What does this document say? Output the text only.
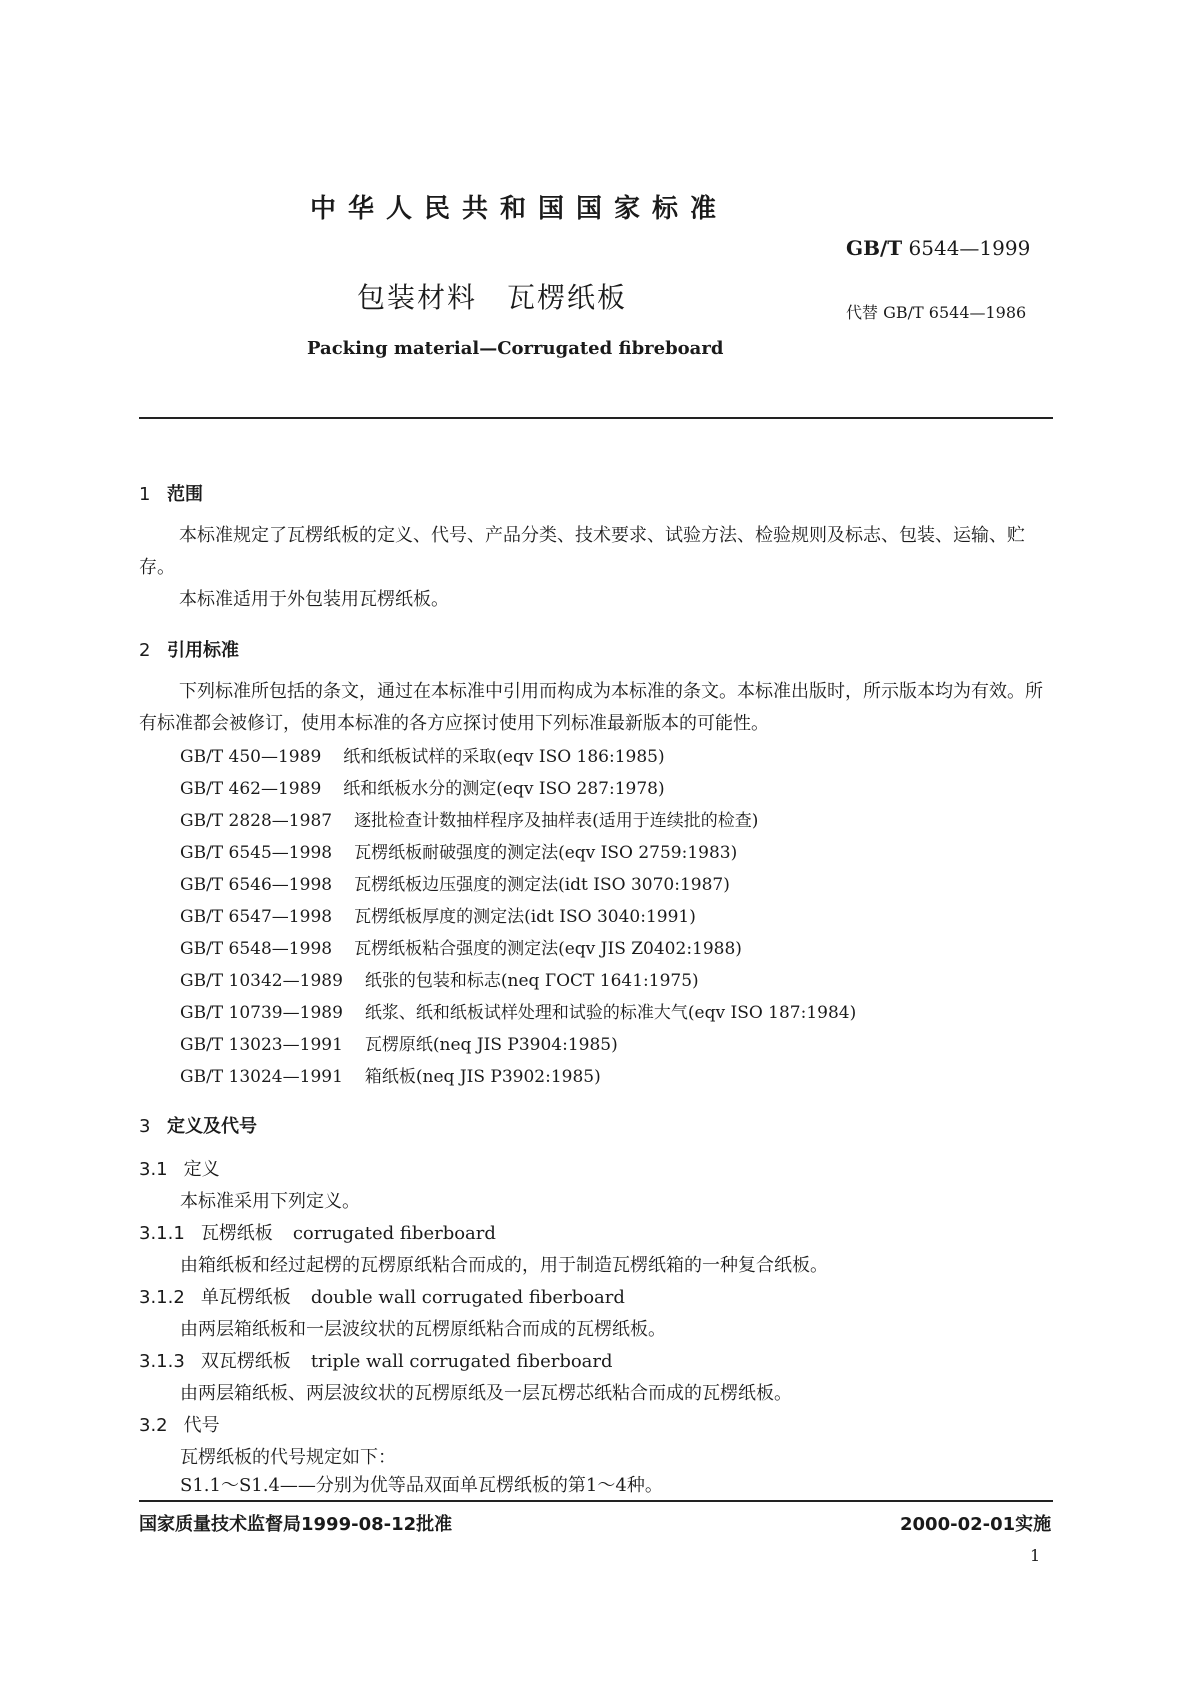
中华人民共和国国家标准
GB/T 6544—1999
包装材料　瓦楞纸板	代替 GB/T 6544—1986
Packing material—Corrugated fibreboard
1 范围
本标准规定了瓦楞纸板的定义、代号、产品分类、技术要求、试验方法、检验规则及标志、包装、运输、贮存。
本标准适用于外包装用瓦楞纸板。
2 引用标准
下列标准所包括的条文，通过在本标准中引用而构成为本标准的条文。本标准出版时，所示版本均为有效。所有标准都会被修订，使用本标准的各方应探讨使用下列标准最新版本的可能性。
GB/T 450—1989 纸和纸板试样的采取(eqv ISO 186:1985)
GB/T 462—1989 纸和纸板水分的测定(eqv ISO 287:1978)
GB/T 2828—1987 逐批检查计数抽样程序及抽样表(适用于连续批的检查)
GB/T 6545—1998 瓦楞纸板耐破强度的测定法(eqv ISO 2759:1983)
GB/T 6546—1998 瓦楞纸板边压强度的测定法(idt ISO 3070:1987)
GB/T 6547—1998 瓦楞纸板厚度的测定法(idt ISO 3040:1991)
GB/T 6548—1998 瓦楞纸板粘合强度的测定法(eqv JIS Z0402:1988)
GB/T 10342—1989 纸张的包装和标志(neq ГОСТ 1641:1975)
GB/T 10739—1989 纸浆、纸和纸板试样处理和试验的标准大气(eqv ISO 187:1984)
GB/T 13023—1991 瓦楞原纸(neq JIS P3904:1985)
GB/T 13024—1991 箱纸板(neq JIS P3902:1985)
3 定义及代号
3.1 定义
本标准采用下列定义。
3.1.1 瓦楞纸板 corrugated fiberboard
由箱纸板和经过起楞的瓦楞原纸粘合而成的，用于制造瓦楞纸箱的一种复合纸板。
3.1.2 单瓦楞纸板 double wall corrugated fiberboard
由两层箱纸板和一层波纹状的瓦楞原纸粘合而成的瓦楞纸板。
3.1.3 双瓦楞纸板 triple wall corrugated fiberboard
由两层箱纸板、两层波纹状的瓦楞原纸及一层瓦楞芯纸粘合而成的瓦楞纸板。
3.2 代号
瓦楞纸板的代号规定如下：
S1.1～S1.4——分别为优等品双面单瓦楞纸板的第1～4种。
国家质量技术监督局1999-08-12批准	2000-02-01实施
1
